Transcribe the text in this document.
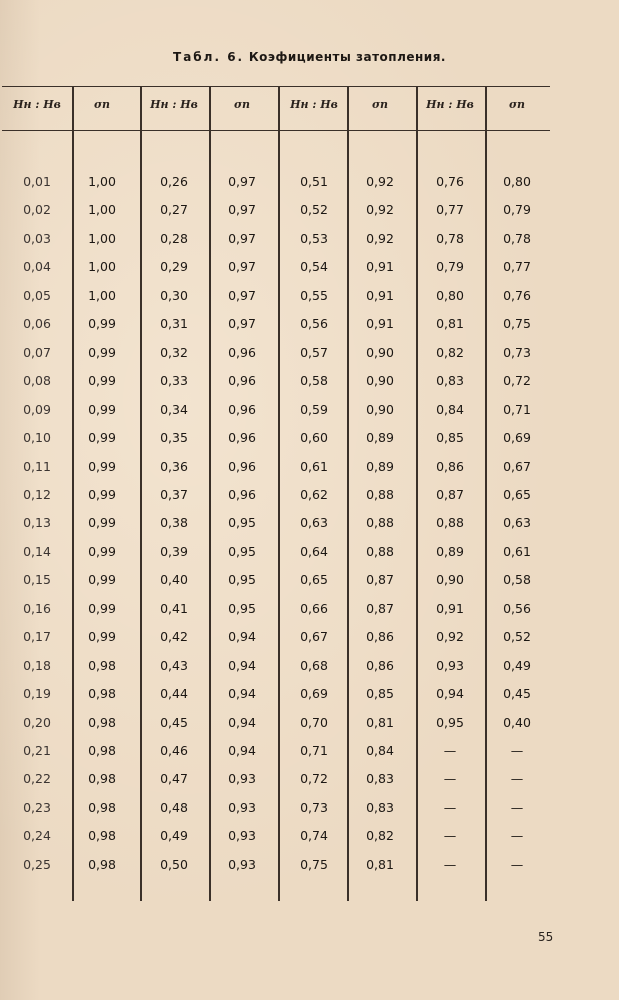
Табл. 6. Коэфициенты затопления.
Hн : Hв	σп	Hн : Hв	σп	Hн : Hв	σп	Hн : Hв	σп
0,01	1,00	0,26	0,97	0,51	0,92	0,76	0,80
0,02	1,00	0,27	0,97	0,52	0,92	0,77	0,79
0,03	1,00	0,28	0,97	0,53	0,92	0,78	0,78
0,04	1,00	0,29	0,97	0,54	0,91	0,79	0,77
0,05	1,00	0,30	0,97	0,55	0,91	0,80	0,76
0,06	0,99	0,31	0,97	0,56	0,91	0,81	0,75
0,07	0,99	0,32	0,96	0,57	0,90	0,82	0,73
0,08	0,99	0,33	0,96	0,58	0,90	0,83	0,72
0,09	0,99	0,34	0,96	0,59	0,90	0,84	0,71
0,10	0,99	0,35	0,96	0,60	0,89	0,85	0,69
0,11	0,99	0,36	0,96	0,61	0,89	0,86	0,67
0,12	0,99	0,37	0,96	0,62	0,88	0,87	0,65
0,13	0,99	0,38	0,95	0,63	0,88	0,88	0,63
0,14	0,99	0,39	0,95	0,64	0,88	0,89	0,61
0,15	0,99	0,40	0,95	0,65	0,87	0,90	0,58
0,16	0,99	0,41	0,95	0,66	0,87	0,91	0,56
0,17	0,99	0,42	0,94	0,67	0,86	0,92	0,52
0,18	0,98	0,43	0,94	0,68	0,86	0,93	0,49
0,19	0,98	0,44	0,94	0,69	0,85	0,94	0,45
0,20	0,98	0,45	0,94	0,70	0,81	0,95	0,40
0,21	0,98	0,46	0,94	0,71	0,84	—	—
0,22	0,98	0,47	0,93	0,72	0,83	—	—
0,23	0,98	0,48	0,93	0,73	0,83	—	—
0,24	0,98	0,49	0,93	0,74	0,82	—	—
0,25	0,98	0,50	0,93	0,75	0,81	—	—
55
